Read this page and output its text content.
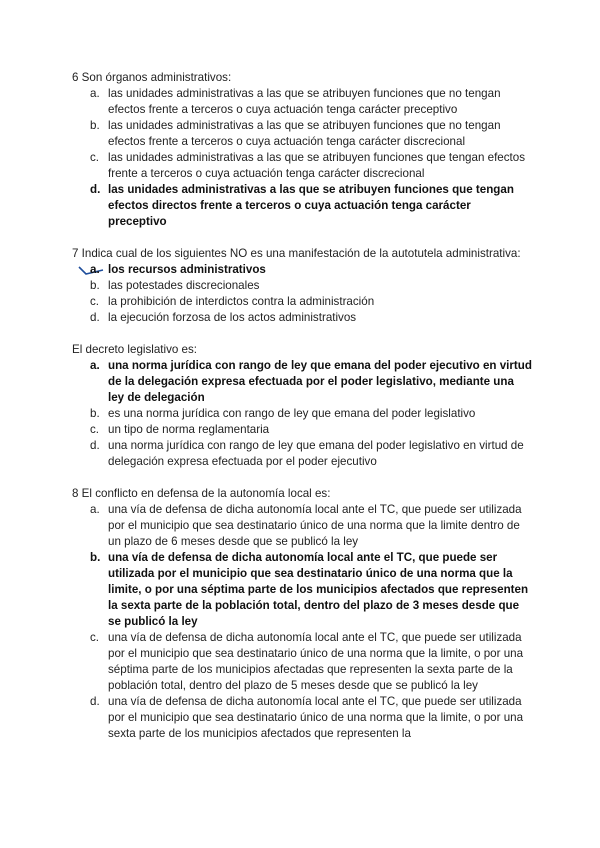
6 Son órganos administrativos:

a. las unidades administrativas a las que se atribuyen funciones que no tengan efectos frente a terceros o cuya actuación tenga carácter preceptivo
b. las unidades administrativas a las que se atribuyen funciones que no tengan efectos frente a terceros o cuya actuación tenga carácter discrecional
c. las unidades administrativas a las que se atribuyen funciones que tengan efectos frente a terceros o cuya actuación tenga carácter discrecional
d. las unidades administrativas a las que se atribuyen funciones que tengan efectos directos frente a terceros o cuya actuación tenga carácter preceptivo

7 Indica cual de los siguientes NO es una manifestación de la autotutela administrativa:

a. los recursos administrativos
b. las potestades discrecionales
c. la prohibición de interdictos contra la administración
d. la ejecución forzosa de los actos administrativos

El decreto legislativo es:

a. una norma jurídica con rango de ley que emana del poder ejecutivo en virtud de la delegación expresa efectuada por el poder legislativo, mediante una ley de delegación
b. es una norma jurídica con rango de ley que emana del poder legislativo
c. un tipo de norma reglamentaria
d. una norma jurídica con rango de ley que emana del poder legislativo en virtud de delegación expresa efectuada por el poder ejecutivo

8 El conflicto en defensa de la autonomía local es:

a. una vía de defensa de dicha autonomía local ante el TC, que puede ser utilizada por el municipio que sea destinatario único de una norma que la limite dentro de un plazo de 6 meses desde que se publicó la ley
b. una vía de defensa de dicha autonomía local ante el TC, que puede ser utilizada por el municipio que sea destinatario único de una norma que la limite, o por una séptima parte de los municipios afectados que representen la sexta parte de la población total, dentro del plazo de 3 meses desde que se publicó la ley
c. una vía de defensa de dicha autonomía local ante el TC, que puede ser utilizada por el municipio que sea destinatario único de una norma que la limite, o por una séptima parte de los municipios afectadas que representen la sexta parte de la población total, dentro del plazo de 5 meses desde que se publicó la ley
d. una vía de defensa de dicha autonomía local ante el TC, que puede ser utilizada por el municipio que sea destinatario único de una norma que la limite, o por una sexta parte de los municipios afectados que representen la
